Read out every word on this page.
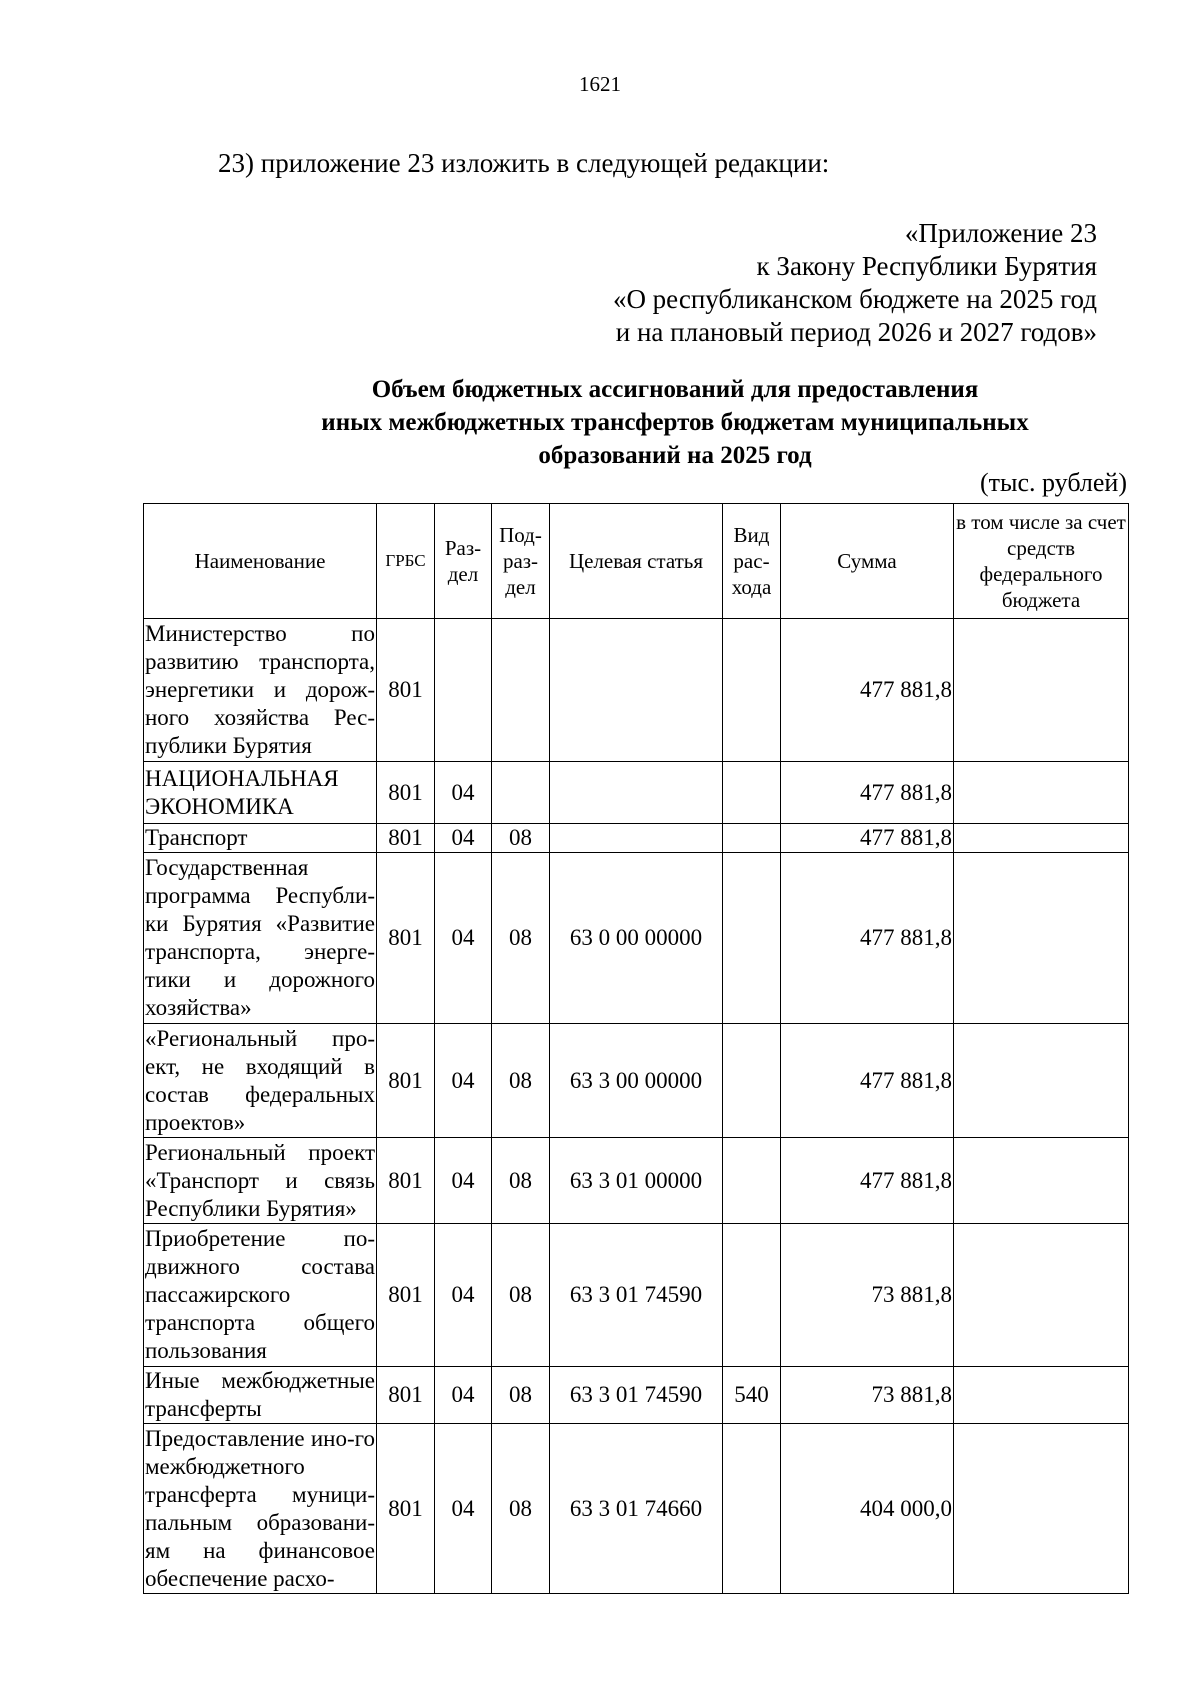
1621
23) приложение 23 изложить в следующей редакции:
«Приложение 23
к Закону Республики Бурятия
«О республиканском бюджете на 2025 год
и на плановый период 2026 и 2027 годов»
Объем бюджетных ассигнований для предоставления
иных межбюджетных трансфертов бюджетам муниципальных
образований на 2025 год
(тыс. рублей)
Наименование	ГРБС	Раз-дел	Под-раз-дел	Целевая статья	Вид рас-хода	Сумма	в том числе за счет средств федерального бюджета
Министерство по развитию транспорта, энергетики и дорож-ного хозяйства Рес-публики Бурятия	801					477 881,8	
НАЦИОНАЛЬНАЯ ЭКОНОМИКА	801	04				477 881,8	
Транспорт	801	04	08			477 881,8	
Государственная программа Республи-ки Бурятия «Развитие транспорта, энерге-тики и дорожного хозяйства»	801	04	08	63 0 00 00000		477 881,8	
«Региональный про-ект, не входящий в состав федеральных проектов»	801	04	08	63 3 00 00000		477 881,8	
Региональный проект «Транспорт и связь Республики Бурятия»	801	04	08	63 3 01 00000		477 881,8	
Приобретение по-движного состава пассажирского транспорта общего пользования	801	04	08	63 3 01 74590		73 881,8	
Иные межбюджетные трансферты	801	04	08	63 3 01 74590	540	73 881,8	
Предоставление ино-го межбюджетного трансферта муници-пальным образовани-ям на финансовое обеспечение расхо-	801	04	08	63 3 01 74660		404 000,0	
